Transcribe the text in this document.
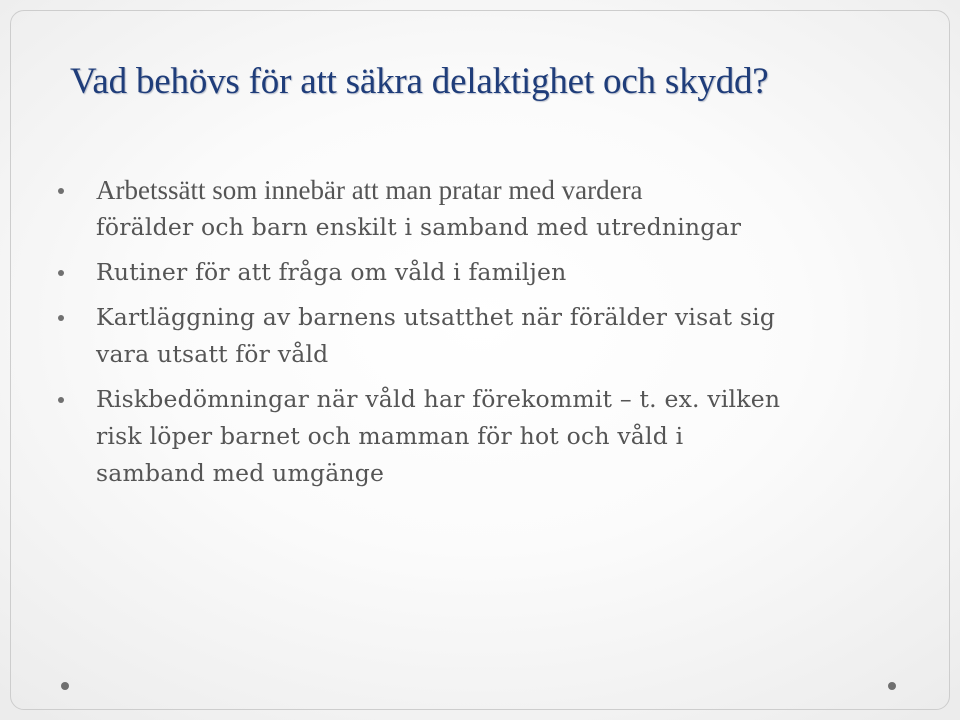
Vad behövs för att säkra delaktighet och skydd?
Arbetssätt som innebär att man pratar med vardera
förälder och barn enskilt i samband med utredningar
Rutiner för att fråga om våld i familjen
Kartläggning av barnens utsatthet när förälder visat sig
vara utsatt för våld
Riskbedömningar när våld har förekommit – t. ex. vilken
risk löper barnet och mamman för hot och våld i
samband med umgänge
